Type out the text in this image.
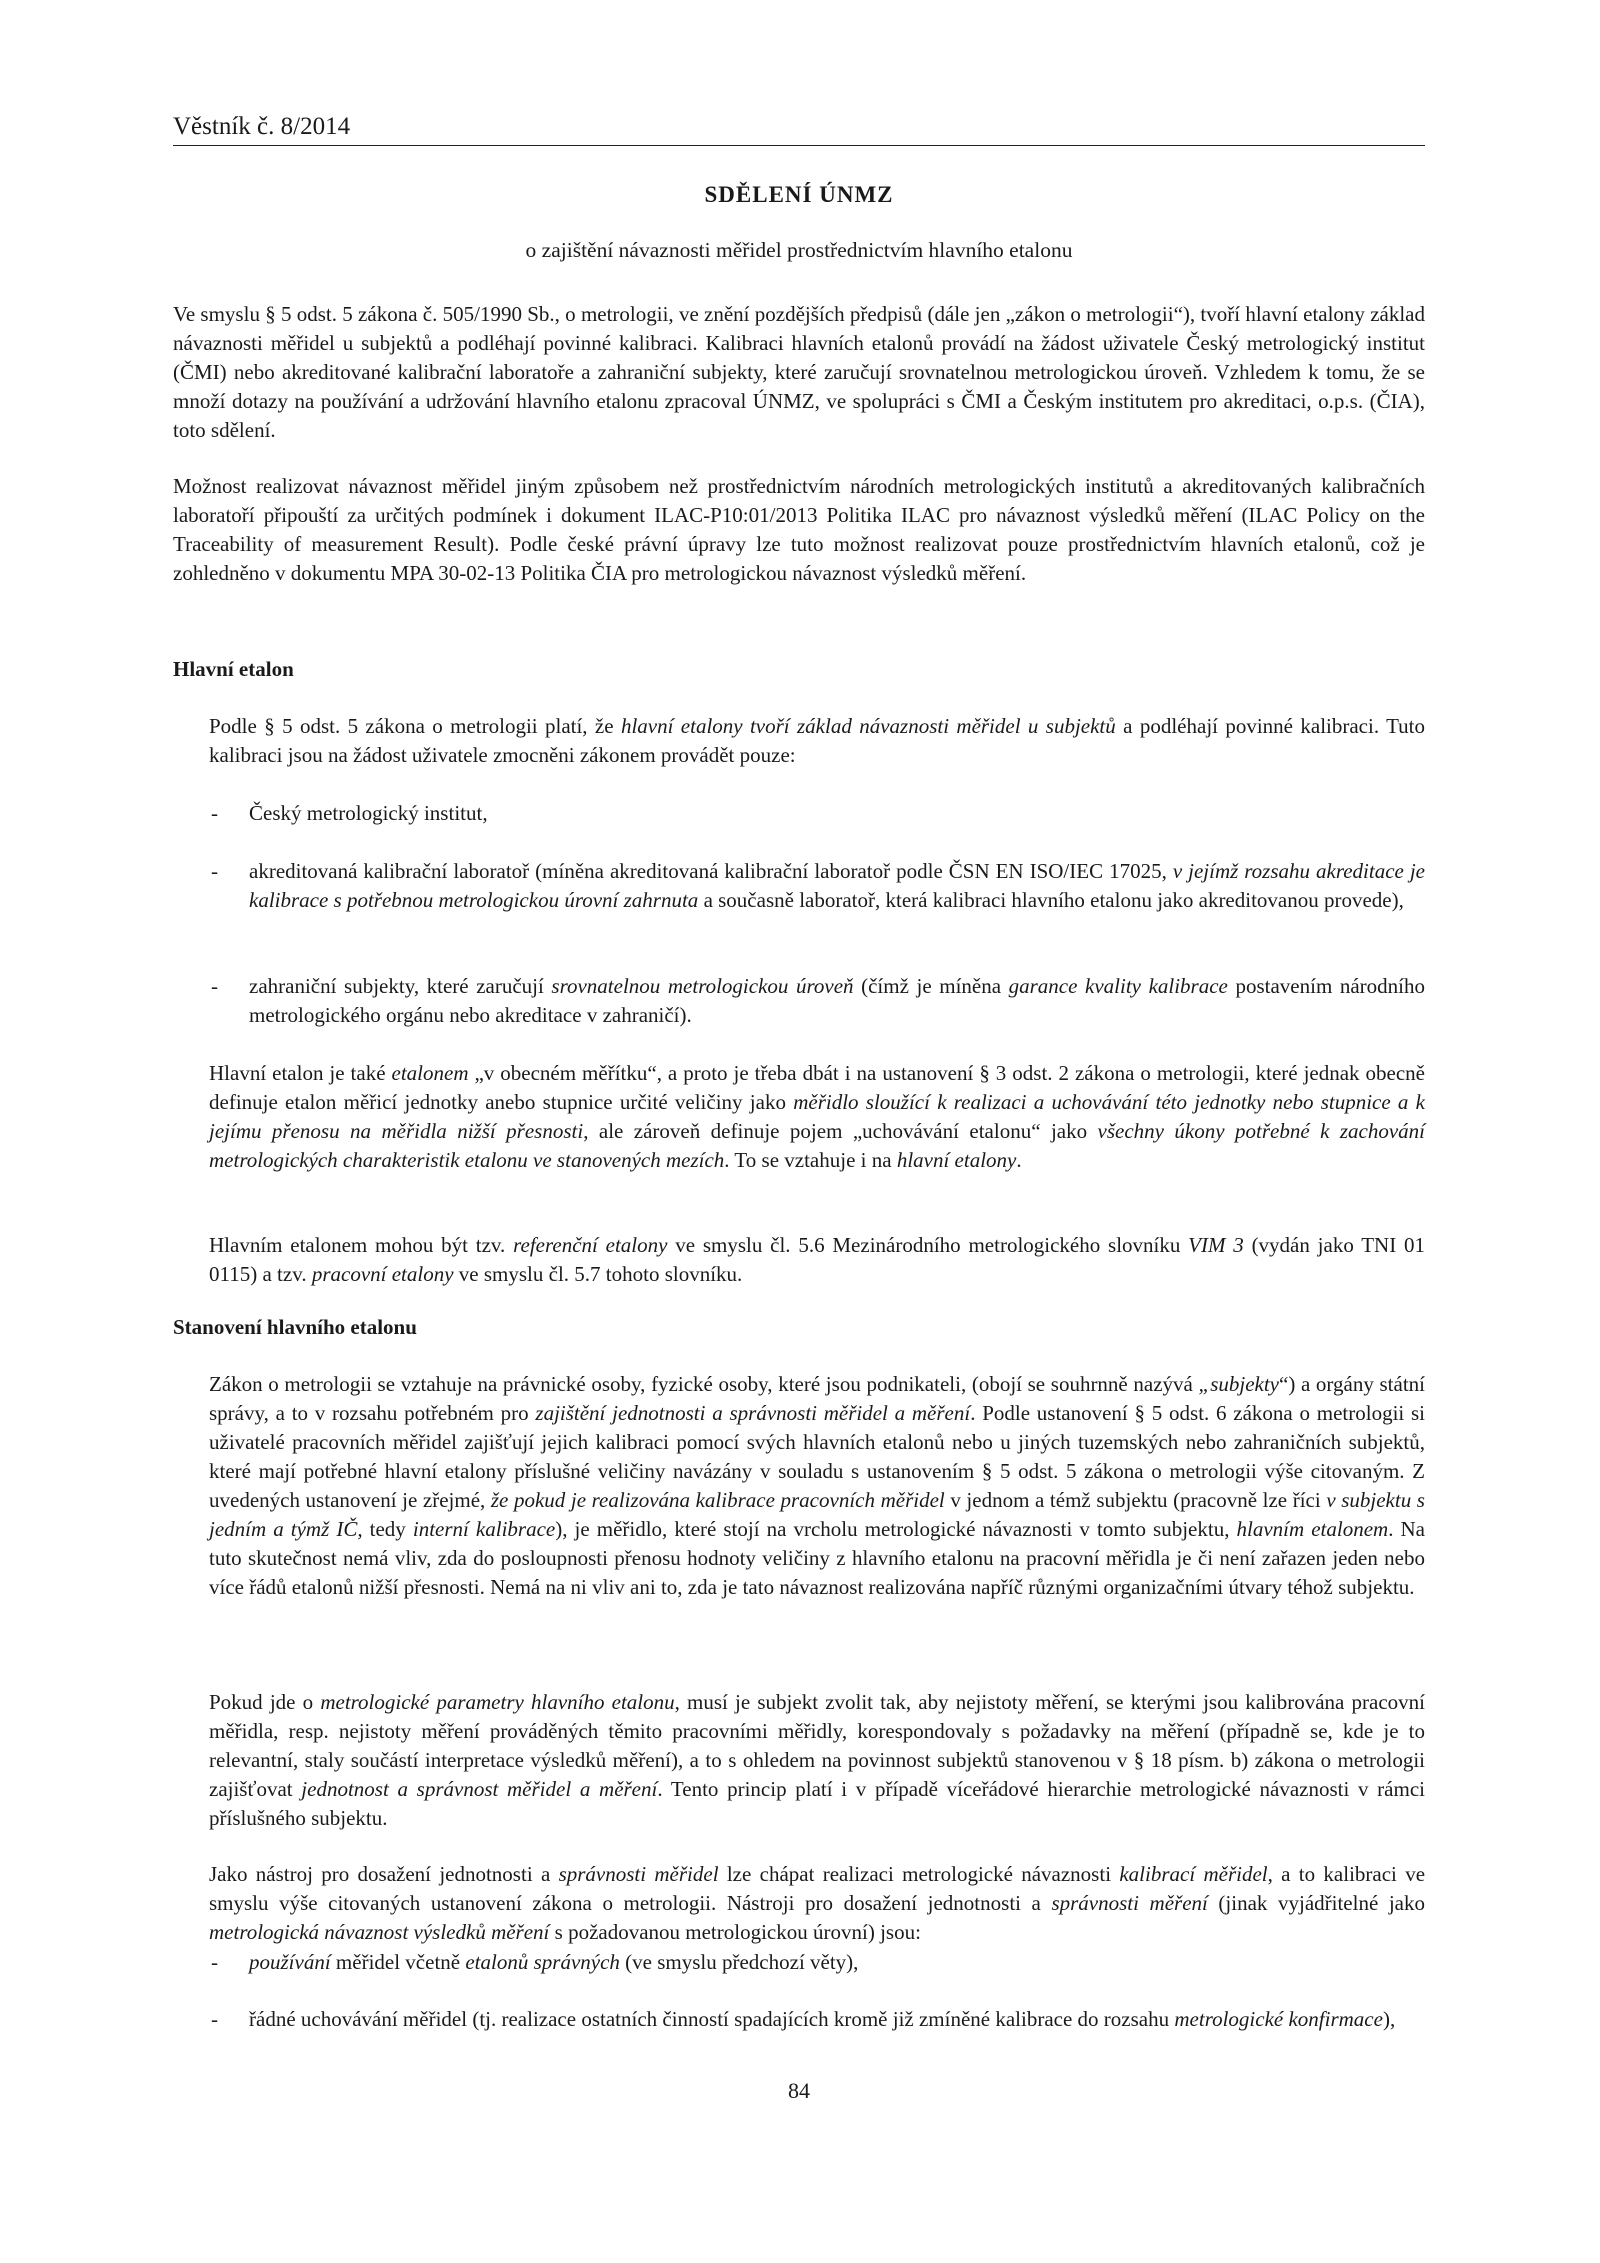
Věstník č. 8/2014
SDĚLENÍ ÚNMZ
o zajištění návaznosti měřidel prostřednictvím hlavního etalonu

Ve smyslu § 5 odst. 5 zákona č. 505/1990 Sb., o metrologii, ve znění pozdějších předpisů (dále jen „zákon o metrologii“), tvoří hlavní etalony základ návaznosti měřidel u subjektů a podléhají povinné kalibraci. Kalibraci hlavních etalonů provádí na žádost uživatele Český metrologický institut (ČMI) nebo akreditované kalibrační laboratoře a zahraniční subjekty, které zaručují srovnatelnou metrologickou úroveň. Vzhledem k tomu, že se množí dotazy na používání a udržování hlavního etalonu zpracoval ÚNMZ, ve spolupráci s ČMI a Českým institutem pro akreditaci, o.p.s. (ČIA), toto sdělení.

Možnost realizovat návaznost měřidel jiným způsobem než prostřednictvím národních metrologických institutů a akreditovaných kalibračních laboratoří připouští za určitých podmínek i dokument ILAC-P10:01/2013 Politika ILAC pro návaznost výsledků měření (ILAC Policy on the Traceability of measurement Result). Podle české právní úpravy lze tuto možnost realizovat pouze prostřednictvím hlavních etalonů, což je zohledněno v dokumentu MPA 30-02-13 Politika ČIA pro metrologickou návaznost výsledků měření.

Hlavní etalon

Podle § 5 odst. 5 zákona o metrologii platí, že hlavní etalony tvoří základ návaznosti měřidel u subjektů a podléhají povinné kalibraci. Tuto kalibraci jsou na žádost uživatele zmocněni zákonem provádět pouze:

- Český metrologický institut,

- akreditovaná kalibrační laboratoř (míněna akreditovaná kalibrační laboratoř podle ČSN EN ISO/IEC 17025, v jejímž rozsahu akreditace je kalibrace s potřebnou metrologickou úrovní zahrnuta a současně laboratoř, která kalibraci hlavního etalonu jako akreditovanou provede),

- zahraniční subjekty, které zaručují srovnatelnou metrologickou úroveň (čímž je míněna garance kvality kalibrace postavením národního metrologického orgánu nebo akreditace v zahraničí).

Hlavní etalon je také etalonem „v obecném měřítku“, a proto je třeba dbát i na ustanovení § 3 odst. 2 zákona o metrologii, které jednak obecně definuje etalon měřicí jednotky anebo stupnice určité veličiny jako měřidlo sloužící k realizaci a uchovávání této jednotky nebo stupnice a k jejímu přenosu na měřidla nižší přesnosti, ale zároveň definuje pojem „uchovávání etalonu“ jako všechny úkony potřebné k zachování metrologických charakteristik etalonu ve stanovených mezích. To se vztahuje i na hlavní etalony.

Hlavním etalonem mohou být tzv. referenční etalony ve smyslu čl. 5.6 Mezinárodního metrologického slovníku VIM 3 (vydán jako TNI 01 0115) a tzv. pracovní etalony ve smyslu čl. 5.7 tohoto slovníku.

Stanovení hlavního etalonu

Zákon o metrologii se vztahuje na právnické osoby, fyzické osoby, které jsou podnikateli, (obojí se souhrnně nazývá „subjekty“) a orgány státní správy, a to v rozsahu potřebném pro zajištění jednotnosti a správnosti měřidel a měření. Podle ustanovení § 5 odst. 6 zákona o metrologii si uživatelé pracovních měřidel zajišťují jejich kalibraci pomocí svých hlavních etalonů nebo u jiných tuzemských nebo zahraničních subjektů, které mají potřebné hlavní etalony příslušné veličiny navázány v souladu s ustanovením § 5 odst. 5 zákona o metrologii výše citovaným. Z uvedených ustanovení je zřejmé, že pokud je realizována kalibrace pracovních měřidel v jednom a témž subjektu (pracovně lze říci v subjektu s jedním a týmž IČ, tedy interní kalibrace), je měřidlo, které stojí na vrcholu metrologické návaznosti v tomto subjektu, hlavním etalonem. Na tuto skutečnost nemá vliv, zda do posloupnosti přenosu hodnoty veličiny z hlavního etalonu na pracovní měřidla je či není zařazen jeden nebo více řádů etalonů nižší přesnosti. Nemá na ni vliv ani to, zda je tato návaznost realizována napříč různými organizačními útvary téhož subjektu.

Pokud jde o metrologické parametry hlavního etalonu, musí je subjekt zvolit tak, aby nejistoty měření, se kterými jsou kalibrována pracovní měřidla, resp. nejistoty měření prováděných těmito pracovními měřidly, korespondovaly s požadavky na měření (případně se, kde je to relevantní, staly součástí interpretace výsledků měření), a to s ohledem na povinnost subjektů stanovenou v § 18 písm. b) zákona o metrologii zajišťovat jednotnost a správnost měřidel a měření. Tento princip platí i v případě víceřádové hierarchie metrologické návaznosti v rámci příslušného subjektu.

Jako nástroj pro dosažení jednotnosti a správnosti měřidel lze chápat realizaci metrologické návaznosti kalibrací měřidel, a to kalibraci ve smyslu výše citovaných ustanovení zákona o metrologii. Nástroji pro dosažení jednotnosti a správnosti měření (jinak vyjádřitelné jako metrologická návaznost výsledků měření s požadovanou metrologickou úrovní) jsou:

- používání měřidel včetně etalonů správných (ve smyslu předchozí věty),

- řádné uchovávání měřidel (tj. realizace ostatních činností spadajících kromě již zmíněné kalibrace do rozsahu metrologické konfirmace),

84
